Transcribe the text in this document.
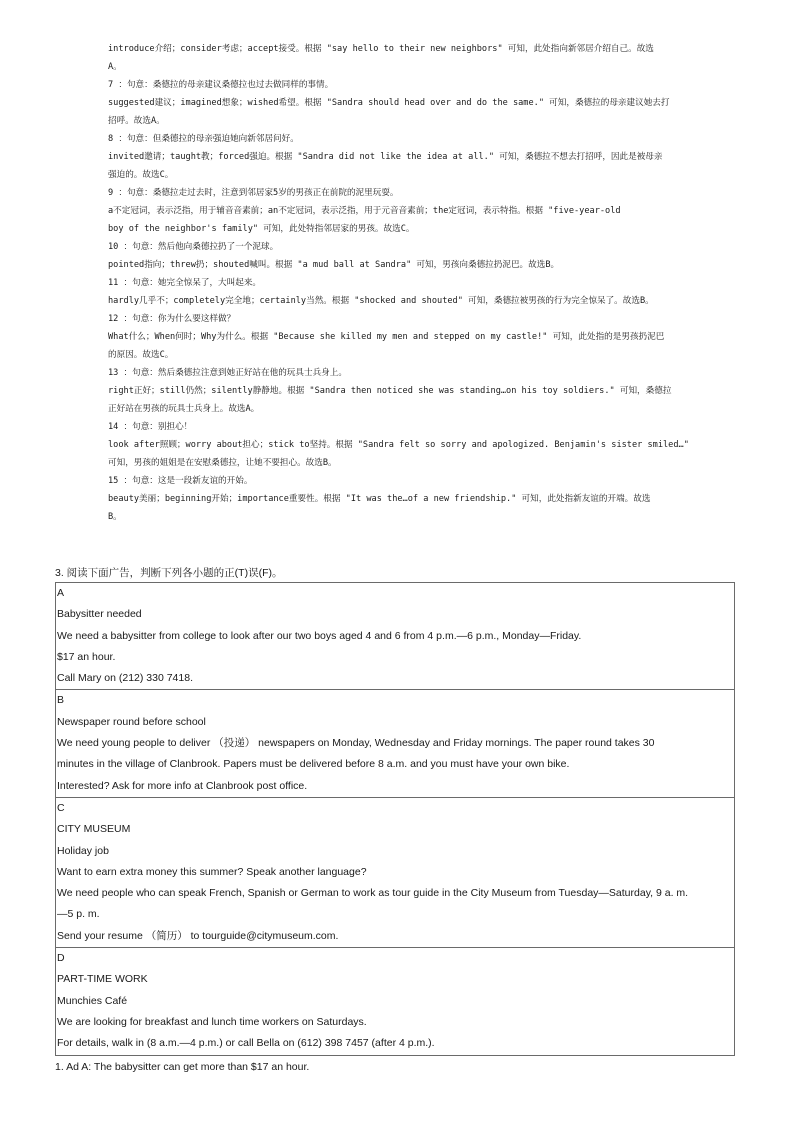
introduce介绍；consider考虑；accept接受。根据 "say hello to their new neighbors" 可知，此处指向新邻居介绍自己。故选
A。
7 ：句意：桑德拉的母亲建议桑德拉也过去做同样的事情。
suggested建议；imagined想象；wished希望。根据 "Sandra should head over and do the same." 可知，桑德拉的母亲建议她去打
招呼。故选A。
8 ：句意：但桑德拉的母亲强迫她向新邻居问好。
invited邀请；taught教；forced强迫。根据 "Sandra did not like the idea at all." 可知，桑德拉不想去打招呼，因此是被母亲
强迫的。故选C。
9 ：句意：桑德拉走过去时，注意到邻居家5岁的男孩正在前院的泥里玩耍。
a不定冠词，表示泛指，用于辅音音素前；an不定冠词，表示泛指，用于元音音素前；the定冠词，表示特指。根据 "five-year-old
boy of the neighbor's family" 可知，此处特指邻居家的男孩。故选C。
10 ：句意：然后他向桑德拉扔了一个泥球。
pointed指向；threw扔；shouted喊叫。根据 "a mud ball at Sandra" 可知，男孩向桑德拉扔泥巴。故选B。
11 ：句意：她完全惊呆了，大叫起来。
hardly几乎不；completely完全地；certainly当然。根据 "shocked and shouted" 可知，桑德拉被男孩的行为完全惊呆了。故选B。
12 ：句意：你为什么要这样做？
What什么；When何时；Why为什么。根据 "Because she killed my men and stepped on my castle!" 可知，此处指的是男孩扔泥巴
的原因。故选C。
13 ：句意：然后桑德拉注意到她正好站在他的玩具士兵身上。
right正好；still仍然；silently静静地。根据 "Sandra then noticed she was standing…on his toy soldiers." 可知，桑德拉
正好站在男孩的玩具士兵身上。故选A。
14 ：句意：别担心！
look after照顾；worry about担心；stick to坚持。根据 "Sandra felt so sorry and apologized. Benjamin's sister smiled…"
可知，男孩的姐姐是在安慰桑德拉，让她不要担心。故选B。
15 ：句意：这是一段新友谊的开始。
beauty美丽；beginning开始；importance重要性。根据 "It was the…of a new friendship." 可知，此处指新友谊的开端。故选
B。
3. 阅读下面广告，判断下列各小题的正(T)误(F)。
A
Babysitter needed
We need a babysitter from college to look after our two boys aged 4 and 6 from 4 p.m.—6 p.m., Monday—Friday.
$17 an hour.
Call Mary on (212) 330 7418.

B
Newspaper round before school
We need young people to deliver （投递） newspapers on Monday, Wednesday and Friday mornings. The paper round takes 30
minutes in the village of Clanbrook. Papers must be delivered before 8 a.m. and you must have your own bike.
Interested? Ask for more info at Clanbrook post office.

C
CITY MUSEUM
Holiday job
Want to earn extra money this summer? Speak another language?
We need people who can speak French, Spanish or German to work as tour guide in the City Museum from Tuesday—Saturday, 9 a. m.
—5 p. m.
Send your resume （简历） to tourguide@citymuseum.com.

D
PART-TIME WORK
Munchies Café
We are looking for breakfast and lunch time workers on Saturdays.
For details, walk in (8 a.m.—4 p.m.) or call Bella on (612) 398 7457 (after 4 p.m.).
1. Ad A: The babysitter can get more than $17 an hour.
